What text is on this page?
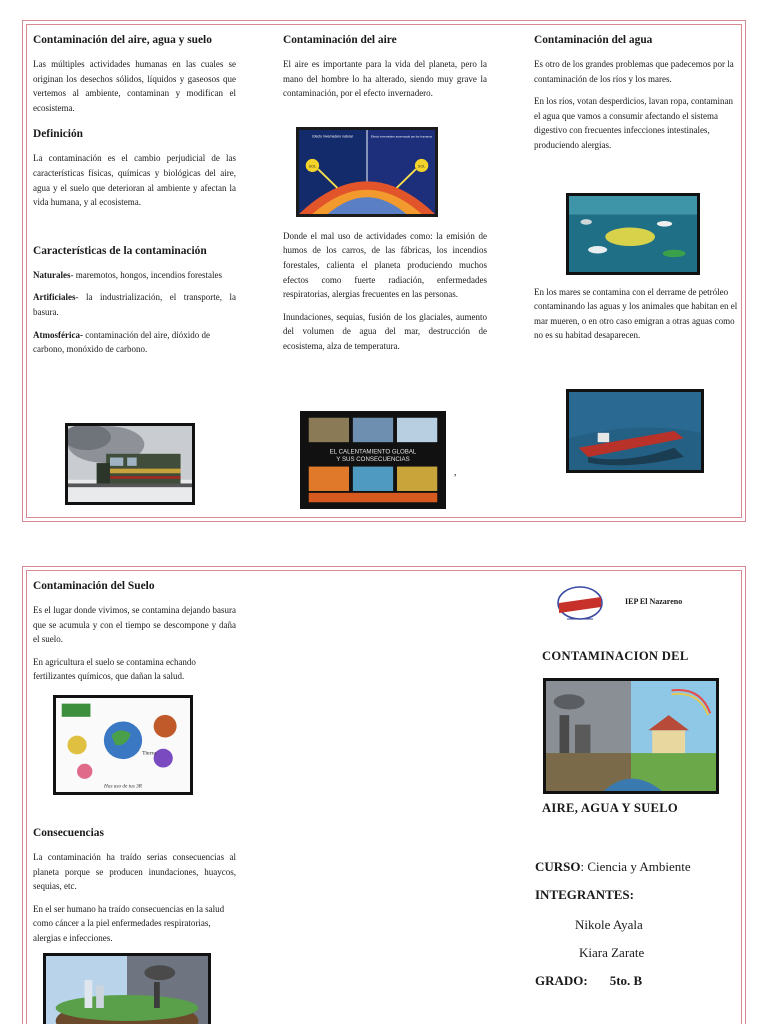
Contaminación del aire, agua y suelo

Las múltiples actividades humanas en las cuales se originan los desechos sólidos, líquidos y gaseosos que vertemos al ambiente, contaminan y modifican el ecosistema.

Definición

La contaminación es el cambio perjudicial de las características físicas, químicas y biológicas del aire, agua y el suelo que deterioran al ambiente y afectan la vida humana, y al ecosistema.

Características de la contaminación

Naturales- maremotos, hongos, incendios forestales

Artificiales- la industrialización, el transporte, la basura.

Atmosférica- contaminación del aire, dióxido de carbono, monóxido de carbono.

Contaminación del aire

El aire es importante para la vida del planeta, pero la mano del hombre lo ha alterado, siendo muy grave la contaminación, por el efecto invernadero.

Donde el mal uso de actividades como: la emisión de humos de los carros, de las fábricas, los incendios forestales, calienta el planeta produciendo muchos efectos como fuerte radiación, enfermedades respiratorias, alergias frecuentes en las personas.

Inundaciones, sequias, fusión de los glaciales, aumento del volumen de agua del mar, destrucción de ecosistema, alza de temperatura.

SOL	SOL
Efecto invernadero natural	Efecto invernadero aumentado por los humanos
EL CALENTAMIENTO GLOBAL
Y SUS CONSECUENCIAS
,
Contaminación del agua

Es otro de los grandes problemas que padecemos por la contaminación de los ríos y los mares.

En los ríos, votan desperdicios, lavan ropa, contaminan el agua que vamos a consumir afectando el sistema digestivo con frecuentes infecciones intestinales, produciendo alergias.

En los mares se contamina con el derrame de petróleo contaminando las aguas y los animales que habitan en el mar mueren, o en otro caso emigran a otras aguas como no es su habitad desaparecen.

Contaminación del Suelo

Es el lugar donde vivimos, se contamina dejando basura que se acumula y con el tiempo se descompone y daña el suelo.

En agricultura el suelo se contamina echando fertilizantes químicos, que dañan la salud.

Consecuencias

La contaminación ha traído serias consecuencias al planeta porque se producen inundaciones, huaycos, sequias, etc.

En el ser humano ha traído consecuencias en la salud como cáncer a la piel enfermedades respiratorias, alergias e infecciones.

Tierra
Has uso de tus 3R
IEP El Nazareno
CONTAMINACION DEL
AIRE, AGUA Y SUELO
CURSO: Ciencia y Ambiente
INTEGRANTES:
Nikole Ayala
Kiara Zarate
GRADO: 5to. B
